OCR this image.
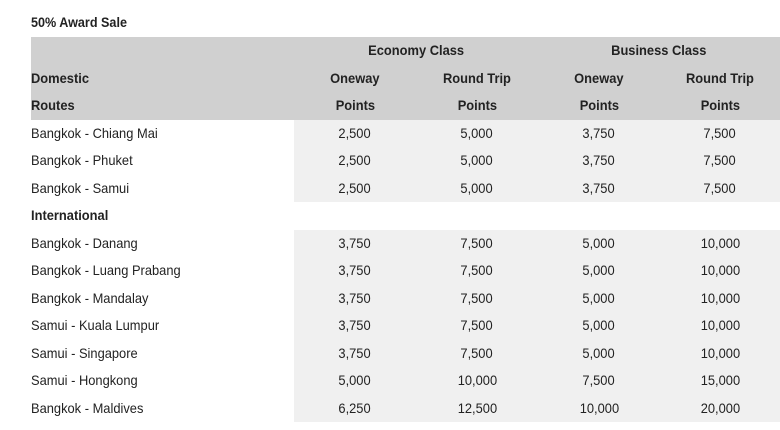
50% Award Sale
	Economy Class		Business Class	
Domestic	Oneway	Round Trip	Oneway	Round Trip
Routes	Points	Points	Points	Points
Bangkok - Chiang Mai	2,500	5,000	3,750	7,500
Bangkok - Phuket	2,500	5,000	3,750	7,500
Bangkok - Samui	2,500	5,000	3,750	7,500
International				
Bangkok - Danang	3,750	7,500	5,000	10,000
Bangkok - Luang Prabang	3,750	7,500	5,000	10,000
Bangkok - Mandalay	3,750	7,500	5,000	10,000
Samui - Kuala Lumpur	3,750	7,500	5,000	10,000
Samui - Singapore	3,750	7,500	5,000	10,000
Samui - Hongkong	5,000	10,000	7,500	15,000
Bangkok - Maldives	6,250	12,500	10,000	20,000
